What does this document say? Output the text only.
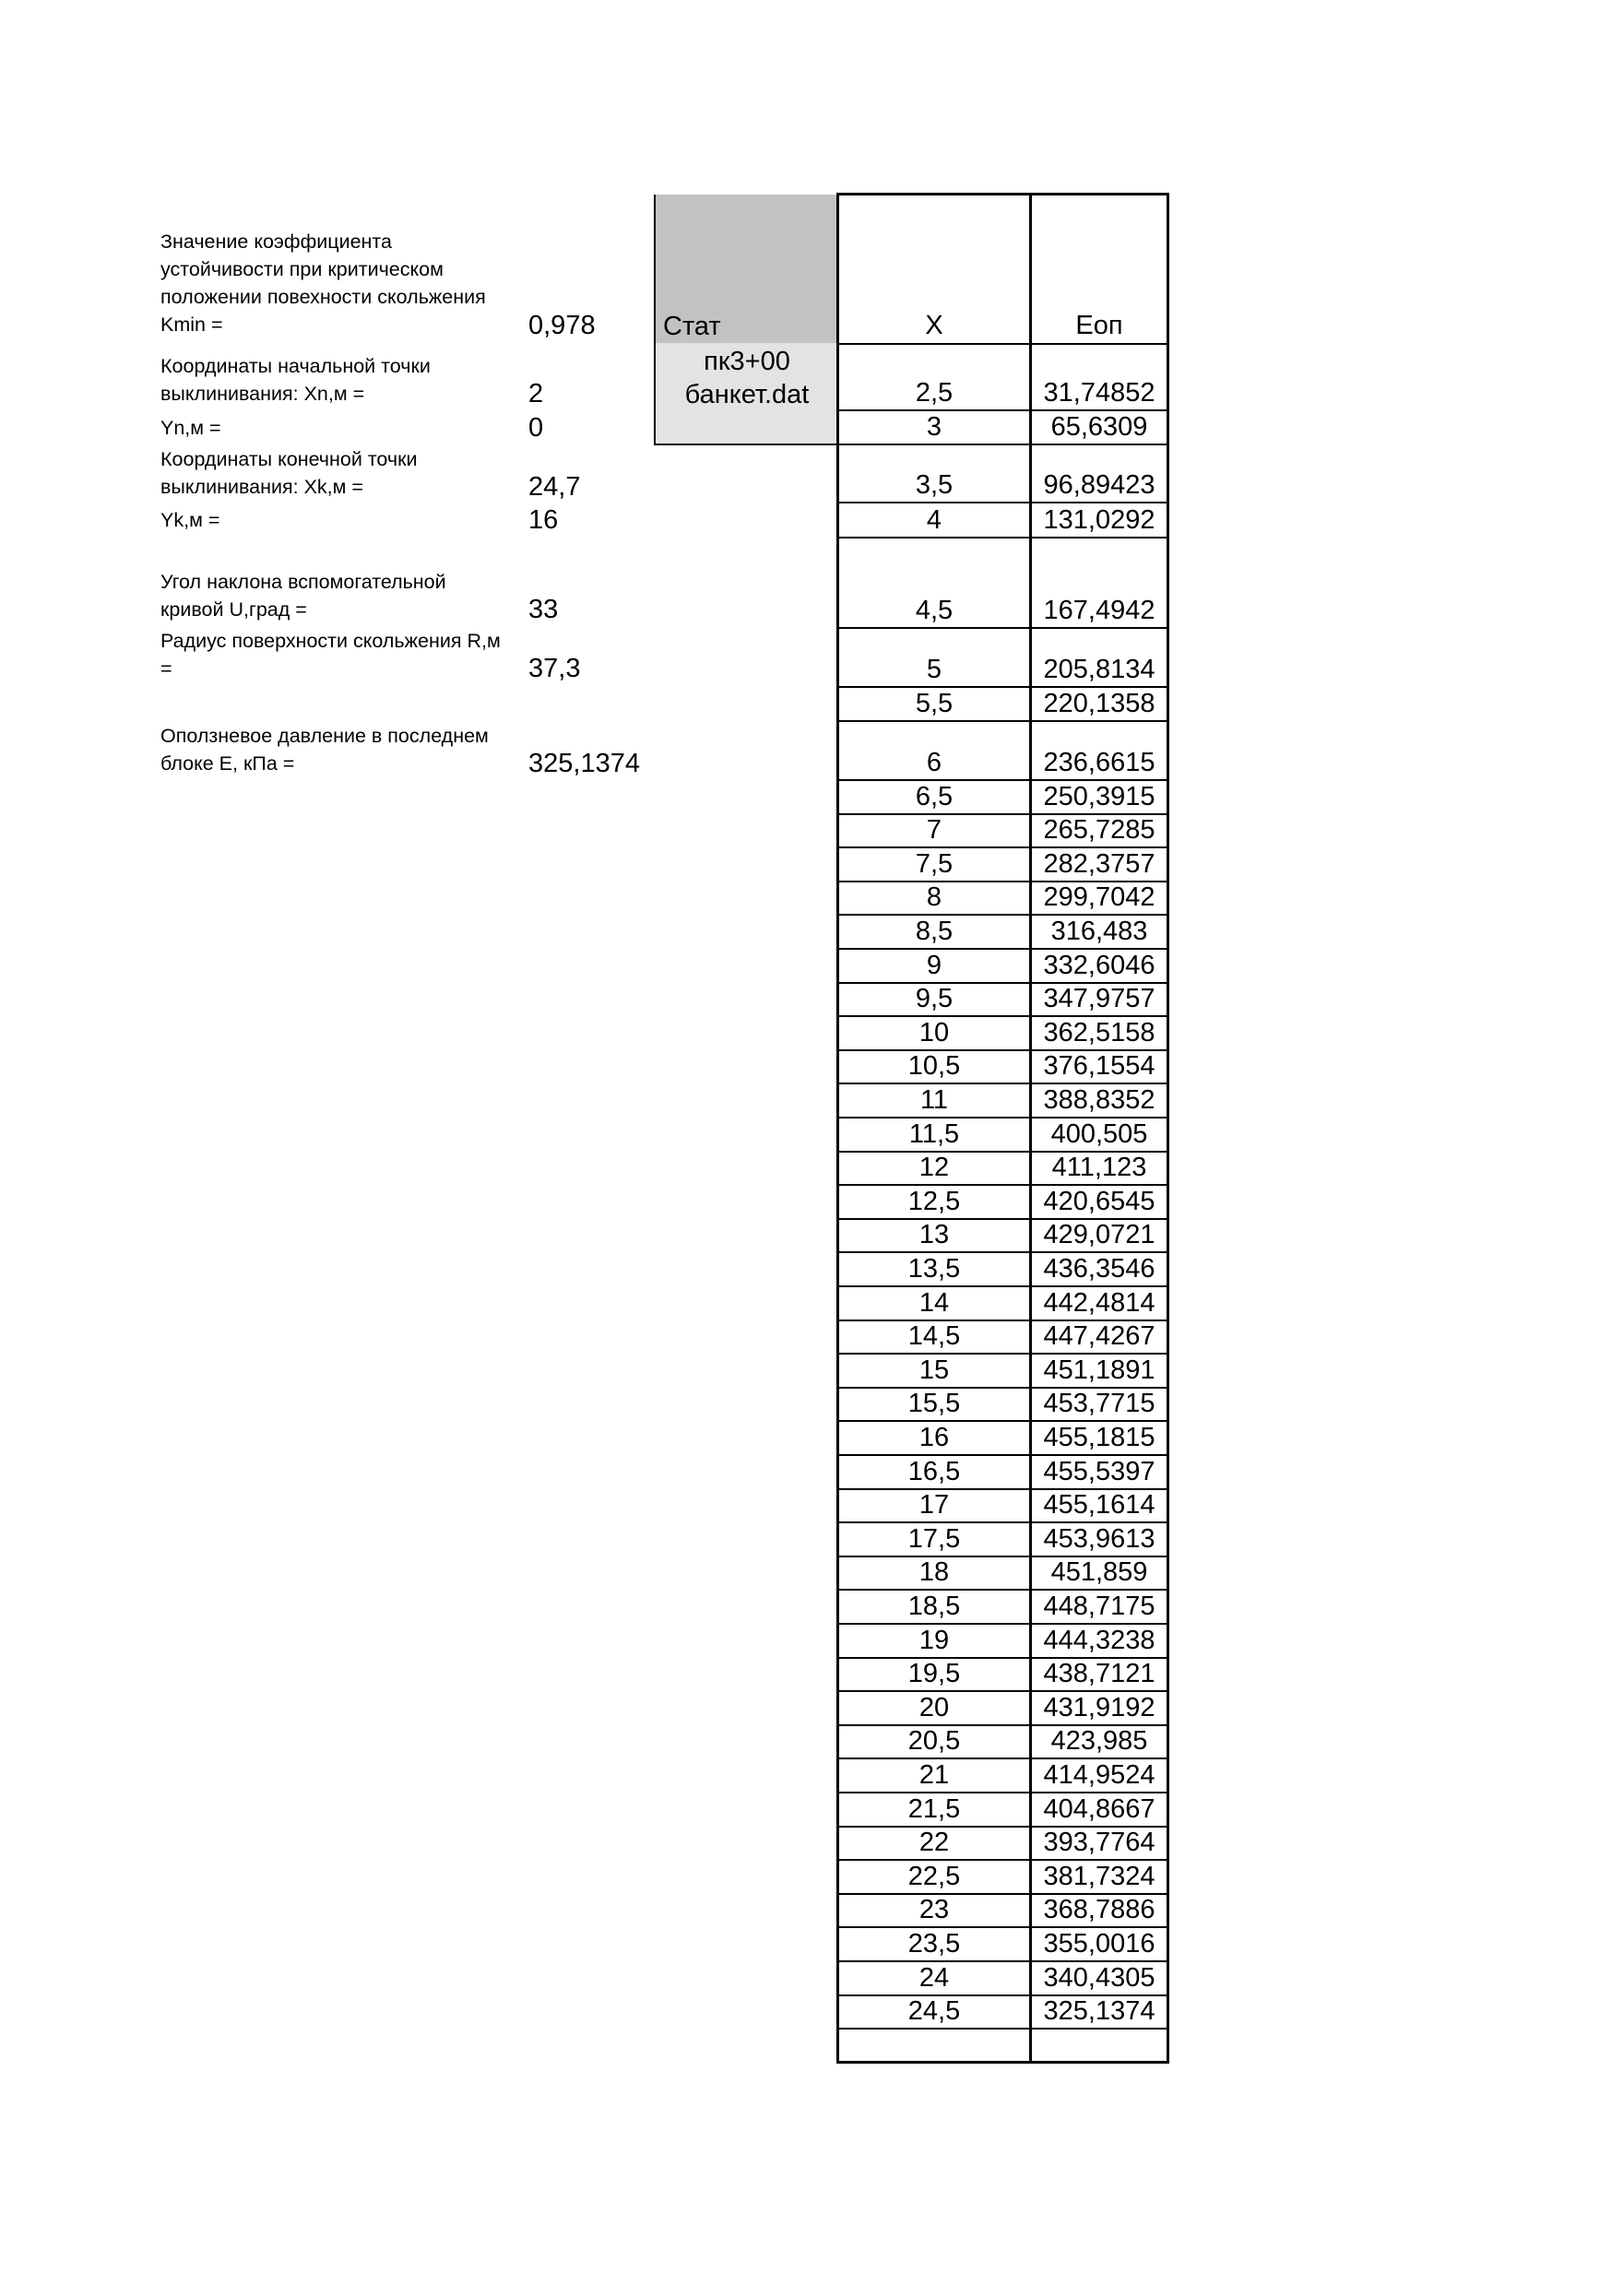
Значение коэффициента устойчивости при критическом положении повехности скольжения Kmin =	0,978
Координаты начальной точки выклинивания: Xn,м =	2
Yn,м =	0
Координаты конечной точки выклинивания: Xk,м =	24,7
Yk,м =	16
Угол наклона вспомогательной кривой U,град =	33
Радиус поверхности скольжения R,м =	37,3
Оползневое давление в последнем блоке E, кПа =	325,1374
Стат
пк3+00
банкет.dat
X	Еоп
2,5	31,74852
3	65,6309
3,5	96,89423
4	131,0292
4,5	167,4942
5	205,8134
5,5	220,1358
6	236,6615
6,5	250,3915
7	265,7285
7,5	282,3757
8	299,7042
8,5	316,483
9	332,6046
9,5	347,9757
10	362,5158
10,5	376,1554
11	388,8352
11,5	400,505
12	411,123
12,5	420,6545
13	429,0721
13,5	436,3546
14	442,4814
14,5	447,4267
15	451,1891
15,5	453,7715
16	455,1815
16,5	455,5397
17	455,1614
17,5	453,9613
18	451,859
18,5	448,7175
19	444,3238
19,5	438,7121
20	431,9192
20,5	423,985
21	414,9524
21,5	404,8667
22	393,7764
22,5	381,7324
23	368,7886
23,5	355,0016
24	340,4305
24,5	325,1374
